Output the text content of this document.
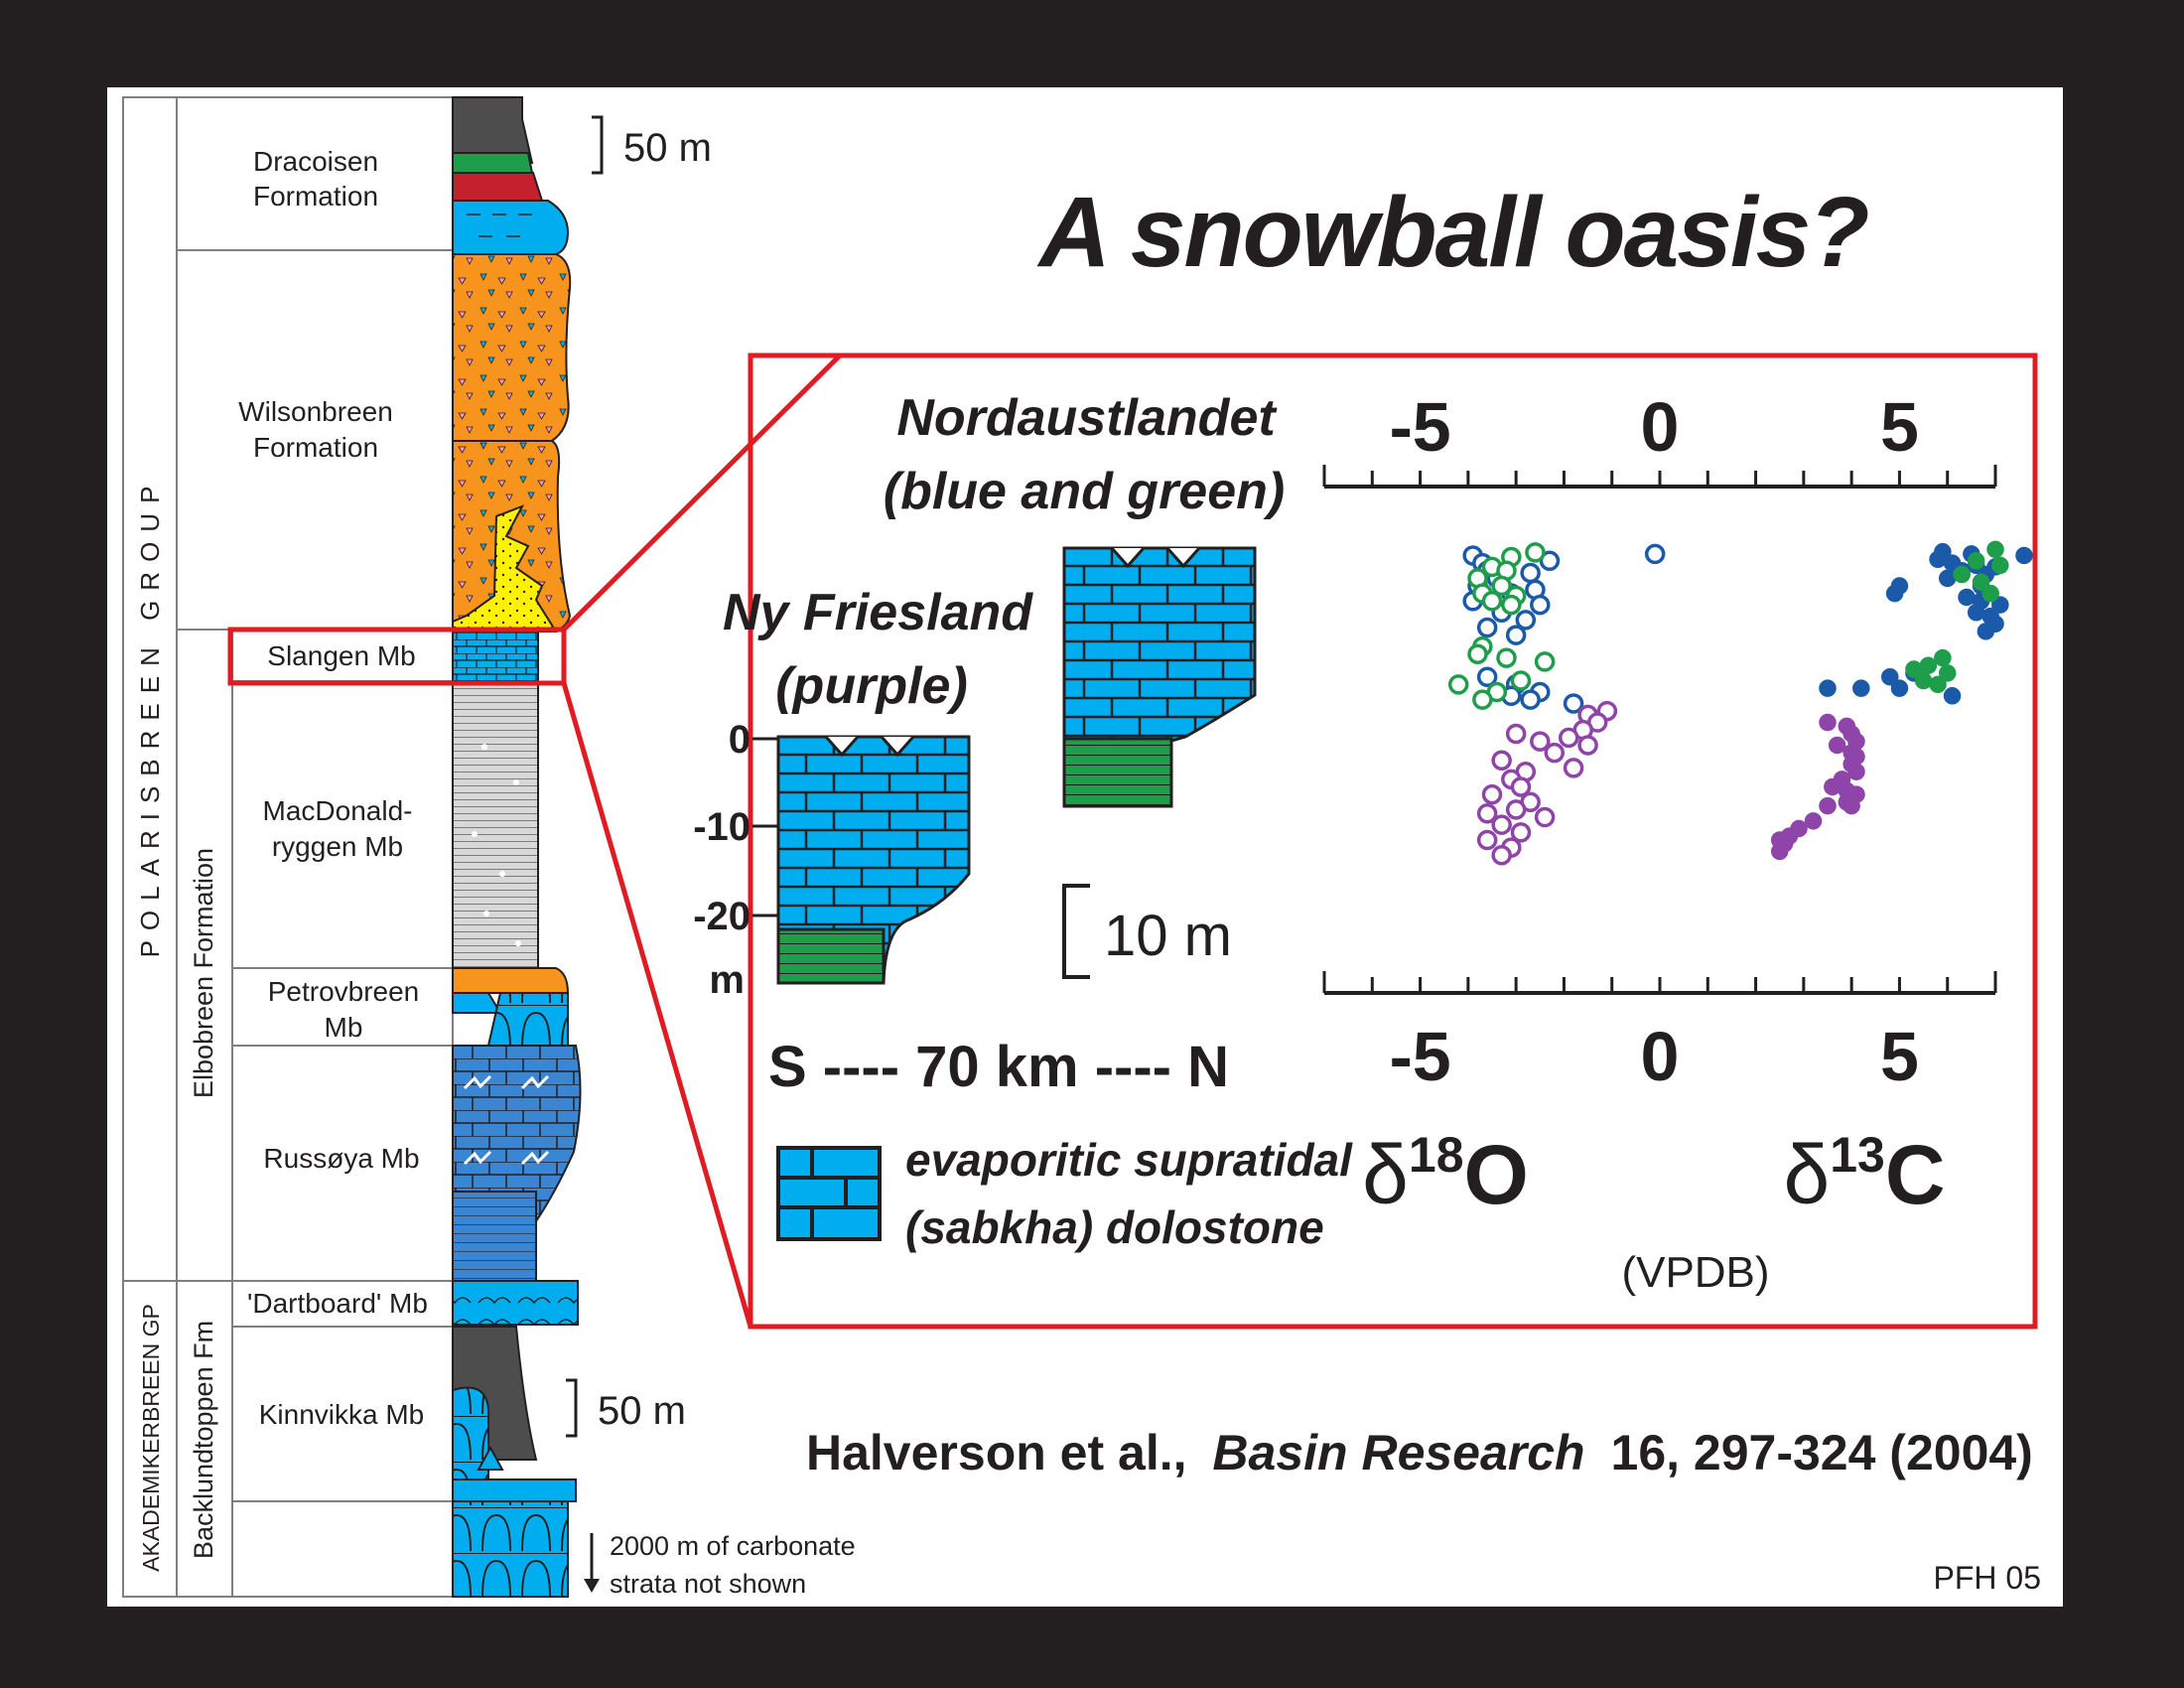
POLARISBREEN GROUP
AKADEMIKERBREEN GP
Elbobreen Formation
Backlundtoppen Fm
Dracoisen
Formation
Wilsonbreen
Formation
Slangen Mb
MacDonald-
ryggen Mb
Petrovbreen
Mb
Russøya Mb
'Dartboard' Mb
Kinnvikka Mb
50 m
50 m
2000 m of carbonate
strata not shown
A snowball oasis?
Nordaustlandet
(blue and green)
Ny Friesland
(purple)
0
-10
-20
m
10 m
S ---- 70 km ---- N
evaporitic supratidal
(sabkha) dolostone
-5	0	5
-5	0	5
$\delta^{18}O$	$\delta^{13}C$
(VPDB)
Halverson et al., Basin Research 16, 297-324 (2004)
PFH 05
